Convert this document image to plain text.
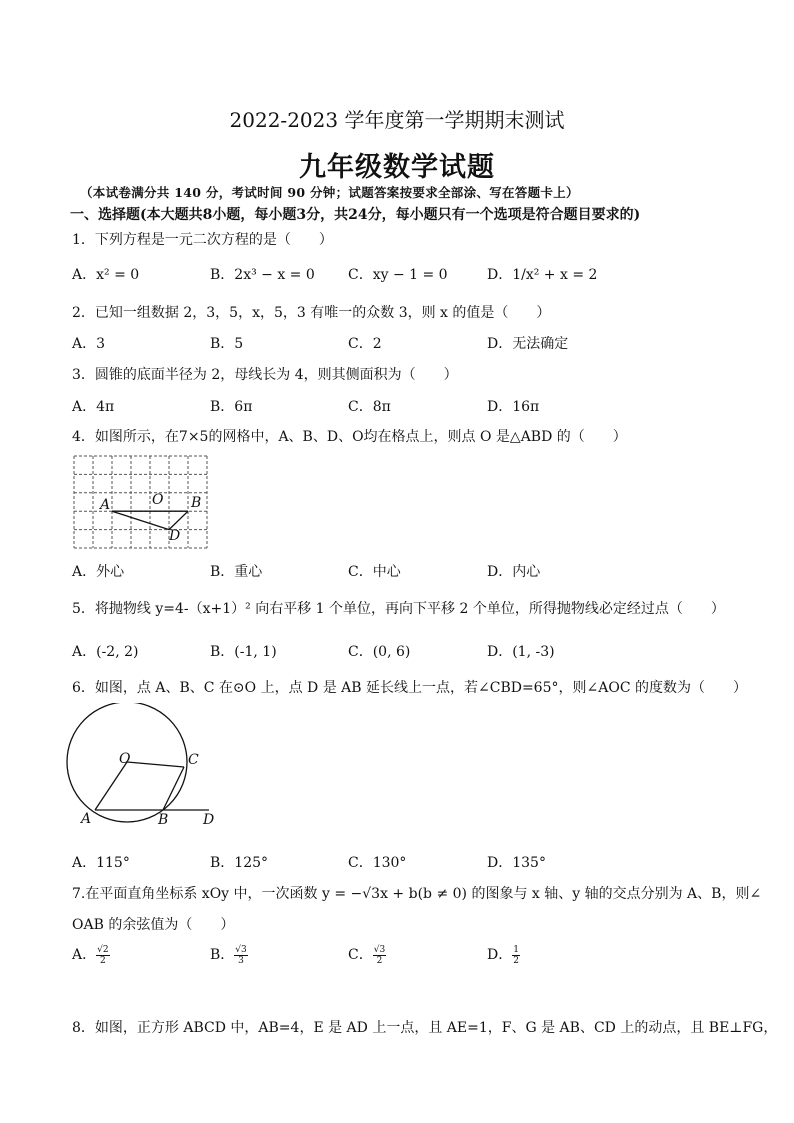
2022-2023 学年度第一学期期末测试
九年级数学试题
（本试卷满分共 140 分，考试时间 90 分钟；试题答案按要求全部涂、写在答题卡上）
一、选择题(本大题共8小题，每小题3分，共24分，每小题只有一个选项是符合题目要求的)
1．下列方程是一元二次方程的是（　　）
A．x² = 0	B．2x³ − x = 0 C．xy − 1 = 0	D．1/x² + x = 2
2．已知一组数据 2，3，5，x，5，3 有唯一的众数 3，则 x 的值是（　　）
A．3	B．5	C．2	D．无法确定
3．圆锥的底面半径为 2，母线长为 4，则其侧面积为（　　）
A．4π	B．6π	C．8π	D．16π
4．如图所示，在7×5的网格中，A、B、D、O均在格点上，则点 O 是△ABD 的（　　）
A	O B
D
A．外心	B．重心	C．中心	D．内心
5．将抛物线 y=4-（x+1）² 向右平移 1 个单位，再向下平移 2 个单位，所得抛物线必定经过点（　　）
A．(-2, 2)	B．(-1, 1)	C．(0, 6)	D．(1, -3)
6．如图，点 A、B、C 在⊙O 上，点 D 是 AB 延长线上一点，若∠CBD=65°，则∠AOC 的度数为（　　）
O	C
A	B D
A．115°	B．125°	C．130°	D．135°
7.在平面直角坐标系 xOy 中，一次函数 y = −√3x + b(b ≠ 0) 的图象与 x 轴、y 轴的交点分别为 A、B，则∠
OAB 的余弦值为（　　）
A． $\frac{√2}{2}$	B． $\frac{√3}{3}$	C． $\frac{√3}{2}$	D． $\frac{1}{2}$
8．如图，正方形 ABCD 中，AB=4，E 是 AD 上一点，且 AE=1，F、G 是 AB、CD 上的动点，且 BE⊥FG，
